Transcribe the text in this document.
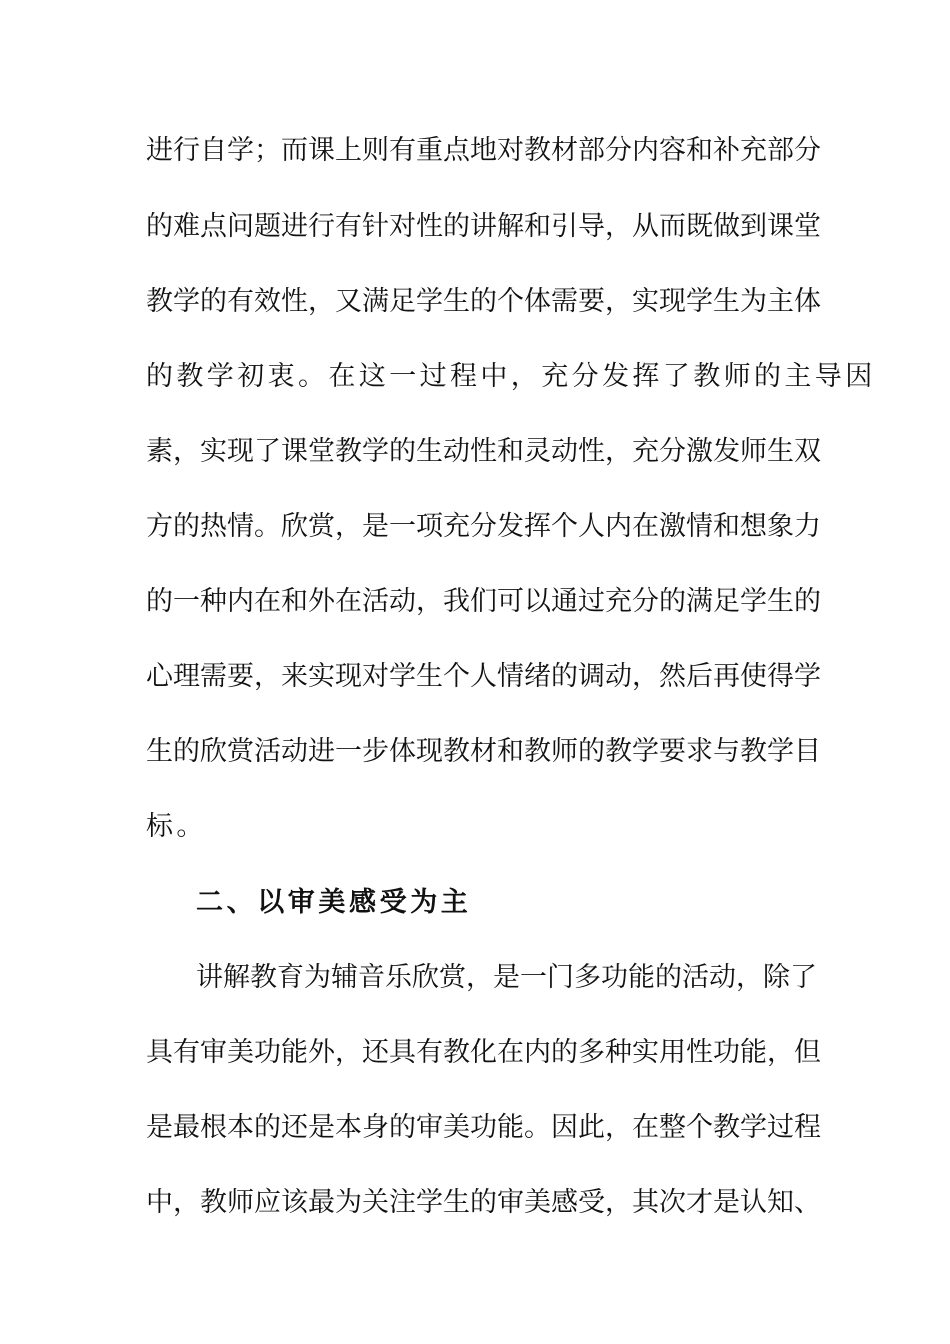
进行自学；而课上则有重点地对教材部分内容和补充部分
的难点问题进行有针对性的讲解和引导，从而既做到课堂
教学的有效性，又满足学生的个体需要，实现学生为主体
的教学初衷。在这一过程中，充分发挥了教师的主导因
素，实现了课堂教学的生动性和灵动性，充分激发师生双
方的热情。欣赏，是一项充分发挥个人内在激情和想象力
的一种内在和外在活动，我们可以通过充分的满足学生的
心理需要，来实现对学生个人情绪的调动，然后再使得学
生的欣赏活动进一步体现教材和教师的教学要求与教学目
标。
二、以审美感受为主
讲解教育为辅音乐欣赏，是一门多功能的活动，除了
具有审美功能外，还具有教化在内的多种实用性功能，但
是最根本的还是本身的审美功能。因此，在整个教学过程
中，教师应该最为关注学生的审美感受，其次才是认知、
